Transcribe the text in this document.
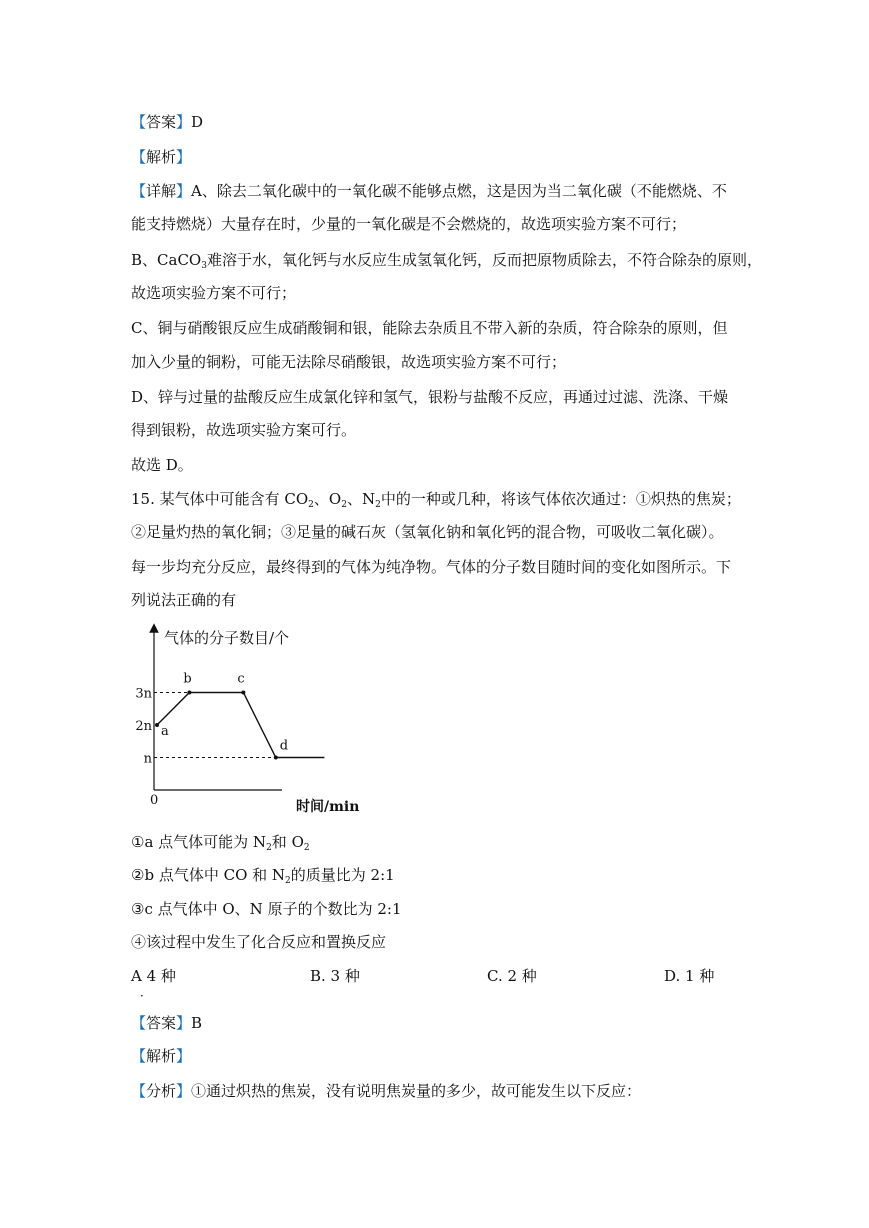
【答案】D
【解析】
【详解】A、除去二氧化碳中的一氧化碳不能够点燃，这是因为当二氧化碳（不能燃烧、不
能支持燃烧）大量存在时，少量的一氧化碳是不会燃烧的，故选项实验方案不可行；
B、CaCO$_3$难溶于水，氧化钙与水反应生成氢氧化钙，反而把原物质除去，不符合除杂的原则，
故选项实验方案不可行；
C、铜与硝酸银反应生成硝酸铜和银，能除去杂质且不带入新的杂质，符合除杂的原则，但
加入少量的铜粉，可能无法除尽硝酸银，故选项实验方案不可行；
D、锌与过量的盐酸反应生成氯化锌和氢气，银粉与盐酸不反应，再通过过滤、洗涤、干燥
得到银粉，故选项实验方案可行。
故选 D。
15. 某气体中可能含有 $CO_2$、$O_2$、$N_2$中的一种或几种，将该气体依次通过：①炽热的焦炭；
②足量灼热的氧化铜；③足量的碱石灰（氢氧化钠和氧化钙的混合物，可吸收二氧化碳）。
每一步均充分反应，最终得到的气体为纯净物。气体的分子数目随时间的变化如图所示。下
列说法正确的有
气体的分子数目/个
时间/min
0
n
2n
3n
a
b	c
d
①a 点气体可能为 $N_2$和 $O_2$
②b 点气体中 CO 和 $N_2$的质量比为 2:1
③c 点气体中 O、N 原子的个数比为 2:1
④该过程中发生了化合反应和置换反应
A 4 种
．
B. 3 种	C. 2 种	D. 1 种
【答案】B
【解析】
【分析】①通过炽热的焦炭，没有说明焦炭量的多少，故可能发生以下反应：
